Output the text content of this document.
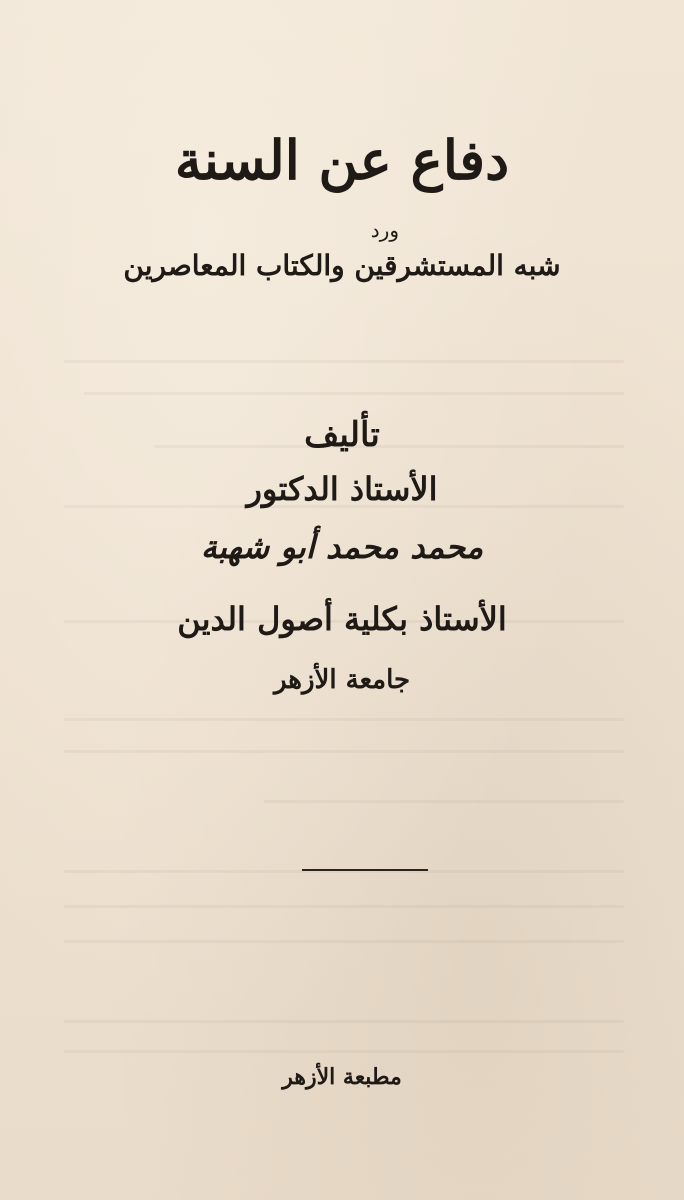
دفاع عن السنة
ورد
شبه المستشرقين والكتاب المعاصرين
تأليف
الأستاذ الدكتور
محمد محمد أبو شهبة
الأستاذ بكلية أصول الدين
جامعة الأزهر
مطبعة الأزهر
